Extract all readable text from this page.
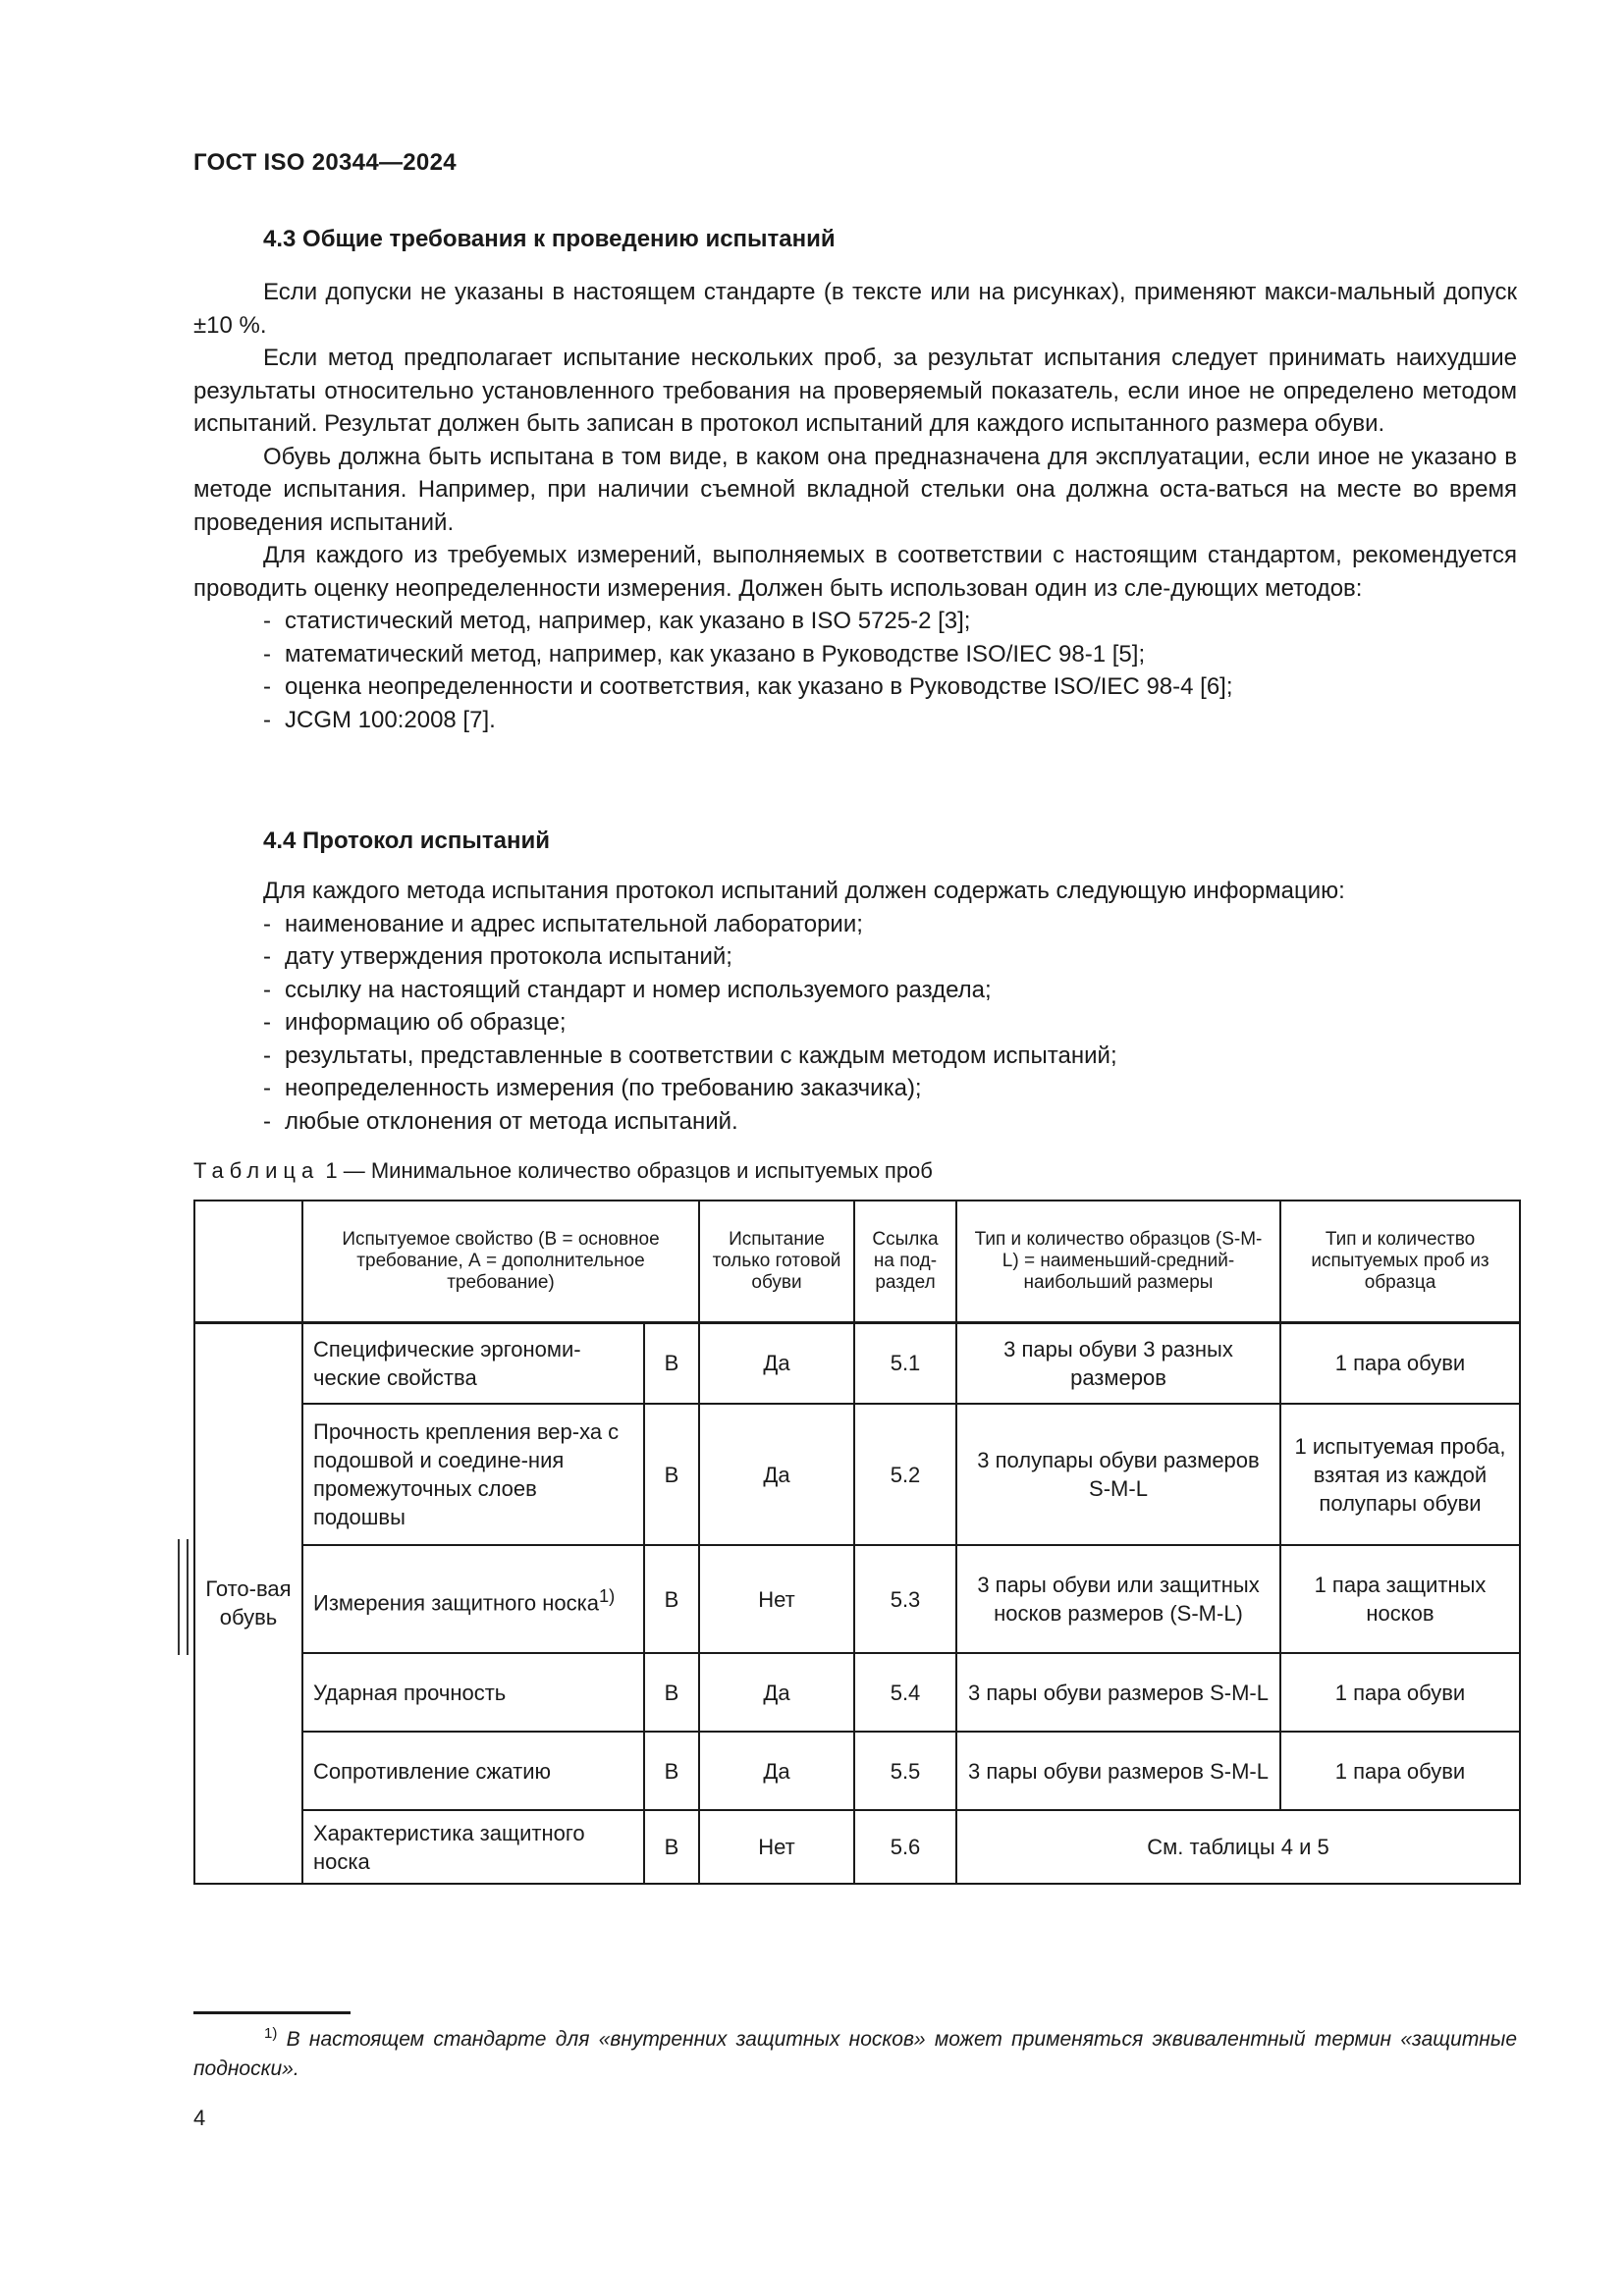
ГОСТ ISO 20344—2024
4.3 Общие требования к проведению испытаний

Если допуски не указаны в настоящем стандарте (в тексте или на рисунках), применяют макси-мальный допуск ±10 %.

Если метод предполагает испытание нескольких проб, за результат испытания следует принимать наихудшие результаты относительно установленного требования на проверяемый показатель, если иное не определено методом испытаний. Результат должен быть записан в протокол испытаний для каждого испытанного размера обуви.

Обувь должна быть испытана в том виде, в каком она предназначена для эксплуатации, если иное не указано в методе испытания. Например, при наличии съемной вкладной стельки она должна оста-ваться на месте во время проведения испытаний.

Для каждого из требуемых измерений, выполняемых в соответствии с настоящим стандартом, рекомендуется проводить оценку неопределенности измерения. Должен быть использован один из сле-дующих методов:

- статистический метод, например, как указано в ISO 5725-2 [3];
- математический метод, например, как указано в Руководстве ISO/IEC 98-1 [5];
- оценка неопределенности и соответствия, как указано в Руководстве ISO/IEC 98-4 [6];
- JCGM 100:2008 [7].
4.4 Протокол испытаний

Для каждого метода испытания протокол испытаний должен содержать следующую информацию:

- наименование и адрес испытательной лаборатории;
- дату утверждения протокола испытаний;
- ссылку на настоящий стандарт и номер используемого раздела;
- информацию об образце;
- результаты, представленные в соответствии с каждым методом испытаний;
- неопределенность измерения (по требованию заказчика);
- любые отклонения от метода испытаний.
Таблица 1 — Минимальное количество образцов и испытуемых проб
	Испытуемое свойство (В = основное требование, А = дополнительное требование)		Испытание только готовой обуви	Ссылка на под-раздел	Тип и количество образцов (S-M-L) = наименьший-средний-наибольший размеры	Тип и количество испытуемых проб из образца
Гото-вая обувь	Специфические эргономи-ческие свойства	В	Да	5.1	3 пары обуви 3 разных размеров	1 пара обуви
	Прочность крепления вер-ха с подошвой и соедине-ния промежуточных слоев подошвы	В	Да	5.2	3 полупары обуви размеров S-M-L	1 испытуемая проба, взятая из каждой полупары обуви
	Измерения защитного носка$^{1)}$	В	Нет	5.3	3 пары обуви или защитных носков размеров (S-M-L)	1 пара защитных носков
	Ударная прочность	В	Да	5.4	3 пары обуви размеров S-M-L	1 пара обуви
	Сопротивление сжатию	В	Да	5.5	3 пары обуви размеров S-M-L	1 пара обуви
	Характеристика защитного носка	В	Нет	5.6	См. таблицы 4 и 5	
$^{1)}$ В настоящем стандарте для «внутренних защитных носков» может применяться эквивалентный термин «защитные подноски».
4
